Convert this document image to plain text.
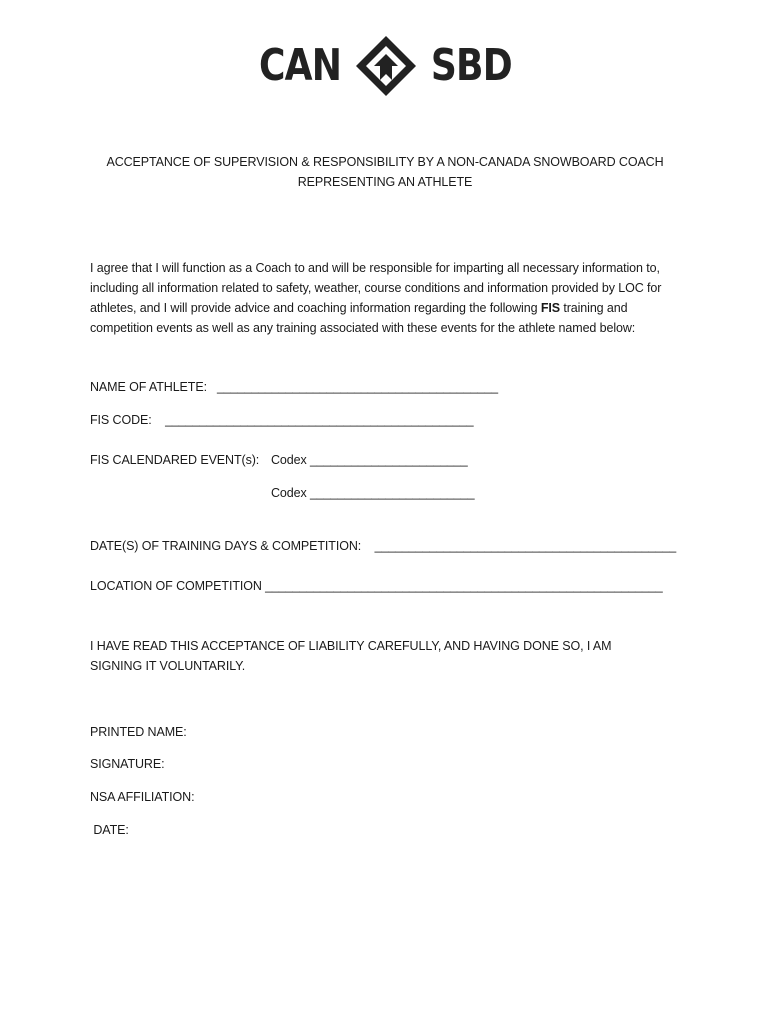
CAN SBD
ACCEPTANCE OF SUPERVISION & RESPONSIBILITY BY A NON-CANADA SNOWBOARD COACH
REPRESENTING AN ATHLETE
I agree that I will function as a Coach to and will be responsible for imparting all necessary information to, including all information related to safety, weather, course conditions and information provided by LOC for athletes, and I will provide advice and coaching information regarding the following FIS training and competition events as well as any training associated with these events for the athlete named below:
NAME OF ATHLETE:   _________________________________________
FIS CODE:    _____________________________________________
FIS CALENDARED EVENT(s): Codex _______________________
Codex ________________________
DATE(S) OF TRAINING DAYS & COMPETITION:    ____________________________________________
LOCATION OF COMPETITION __________________________________________________________
I HAVE READ THIS ACCEPTANCE OF LIABILITY CAREFULLY, AND HAVING DONE SO, I AM SIGNING IT VOLUNTARILY.
PRINTED NAME:
SIGNATURE:
NSA AFFILIATION:
DATE:
